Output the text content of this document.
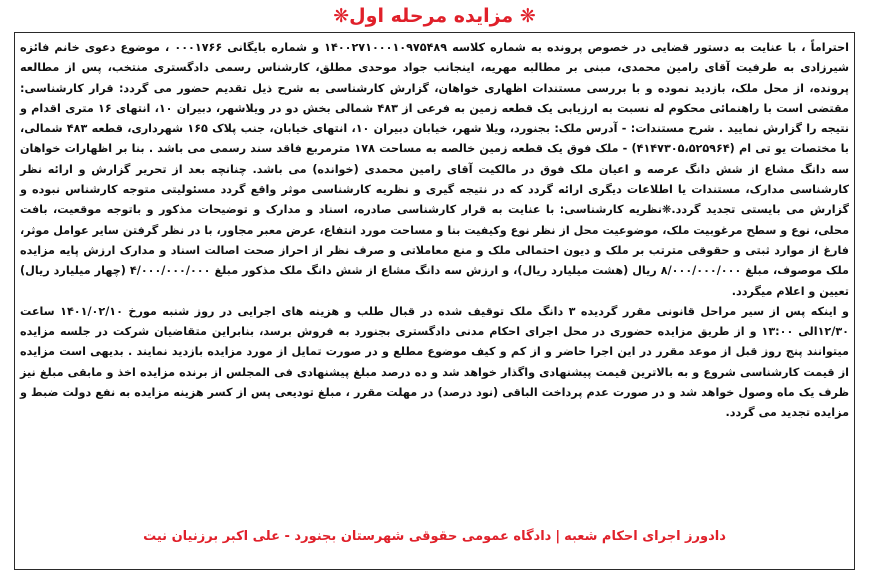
❋مزایده مرحله اول ❋

احتراماً ، با عنایت به دستور قضایی در خصوص پرونده به شماره کلاسه ۱۴۰۰۲۷۱۰۰۰۱۰۹۷۵۴۸۹ و شماره بایگانی ۰۰۰۱۷۶۶ ، موضوع دعوی خانم فائزه شیرزادی به طرفیت آقای رامین محمدی، مبنی بر مطالبه مهریه، اینجانب جواد موحدی مطلق، کارشناس رسمی دادگستری منتخب، پس از مطالعه پرونده، از محل ملک، بازدید نموده و با بررسی مستندات اظهاری خواهان، گزارش کارشناسی به شرح ذیل تقدیم حضور می گردد: قرار کارشناسی: مقتضی است با راهنمائی محکوم له نسبت به ارزیابی یک قطعه زمین به فرعی از ۴۸۳ شمالی بخش دو در ویلاشهر، دبیران ۱۰، انتهای ۱۶ متری اقدام و نتیجه را گزارش نمایید . شرح مستندات: - آدرس ملک: بجنورد، ویلا شهر، خیابان دبیران ۱۰، انتهای خیابان، جنب پلاک ۱۶۵ شهرداری، قطعه ۴۸۳ شمالی، با مختصات یو تی ام (۴۱۴۷۳۰۵،۵۲۵۹۶۴) - ملک فوق یک قطعه زمین خالصه به مساحت ۱۷۸ مترمربع فاقد سند رسمی می باشد . بنا بر اظهارات خواهان سه دانگ مشاع از شش دانگ عرصه و اعیان ملک فوق در مالکیت آقای رامین محمدی (خوانده) می باشد. چنانچه بعد از تحریر گزارش و ارائه نظر کارشناسی مدارک، مستندات یا اطلاعات دیگری ارائه گردد که در نتیجه گیری و نظریه کارشناسی موثر واقع گردد مسئولیتی متوجه کارشناس نبوده و گزارش می بایستی تجدید گردد.❋نظریه کارشناسی: با عنایت به قرار کارشناسی صادره، اسناد و مدارک و توضیحات مذکور و باتوجه موقعیت، بافت محلی، نوع و سطح مرغوبیت ملک، موضوعیت محل از نظر نوع وکیفیت بنا و مساحت مورد انتفاع، عرض معبر مجاور، با در نظر گرفتن سایر عوامل موثر، فارغ از موارد ثبتی و حقوقی مترتب بر ملک و دیون احتمالی ملک و منع معاملاتی و صرف نظر از احراز صحت اصالت اسناد و مدارک ارزش پایه مزایده ملک موصوف، مبلغ ۸/۰۰۰/۰۰۰/۰۰۰ ریال (هشت میلیارد ریال)، و ارزش سه دانگ مشاع از شش دانگ ملک مذکور مبلغ ۴/۰۰۰/۰۰۰/۰۰۰ (چهار میلیارد ریال) تعیین و اعلام میگردد.

و اینکه پس از سیر مراحل قانونی مقرر گردیده ۳ دانگ ملک توقیف شده در قبال طلب و هزینه های اجرایی در روز شنبه مورخ ۱۴۰۱/۰۲/۱۰ ساعت ۱۲/۳۰الی ۱۳:۰۰ و از طریق مزایده حضوری در محل اجرای احکام مدنی دادگستری بجنورد به فروش برسد، بنابراین متقاضیان شرکت در جلسه مزایده میتوانند پنج روز قبل از موعد مقرر در این اجرا حاضر و از کم و کیف موضوع مطلع و در صورت تمایل از مورد مزایده بازدید نمایند . بدیهی است مزایده از قیمت کارشناسی شروع و به بالاترین قیمت پیشنهادی واگذار خواهد شد و ده درصد مبلغ پیشنهادی فی المجلس از برنده مزایده اخذ و مابقی مبلغ نیز ظرف یک ماه وصول خواهد شد و در صورت عدم پرداخت الباقی (نود درصد) در مهلت مقرر ، مبلغ تودیعی پس از کسر هزینه مزایده به نفع دولت ضبط و مزایده تجدید می گردد.

دادورز اجرای احکام شعبه|دادگاه عمومی حقوقی شهرستان بجنورد - علی اکبر برزنیان نیت
